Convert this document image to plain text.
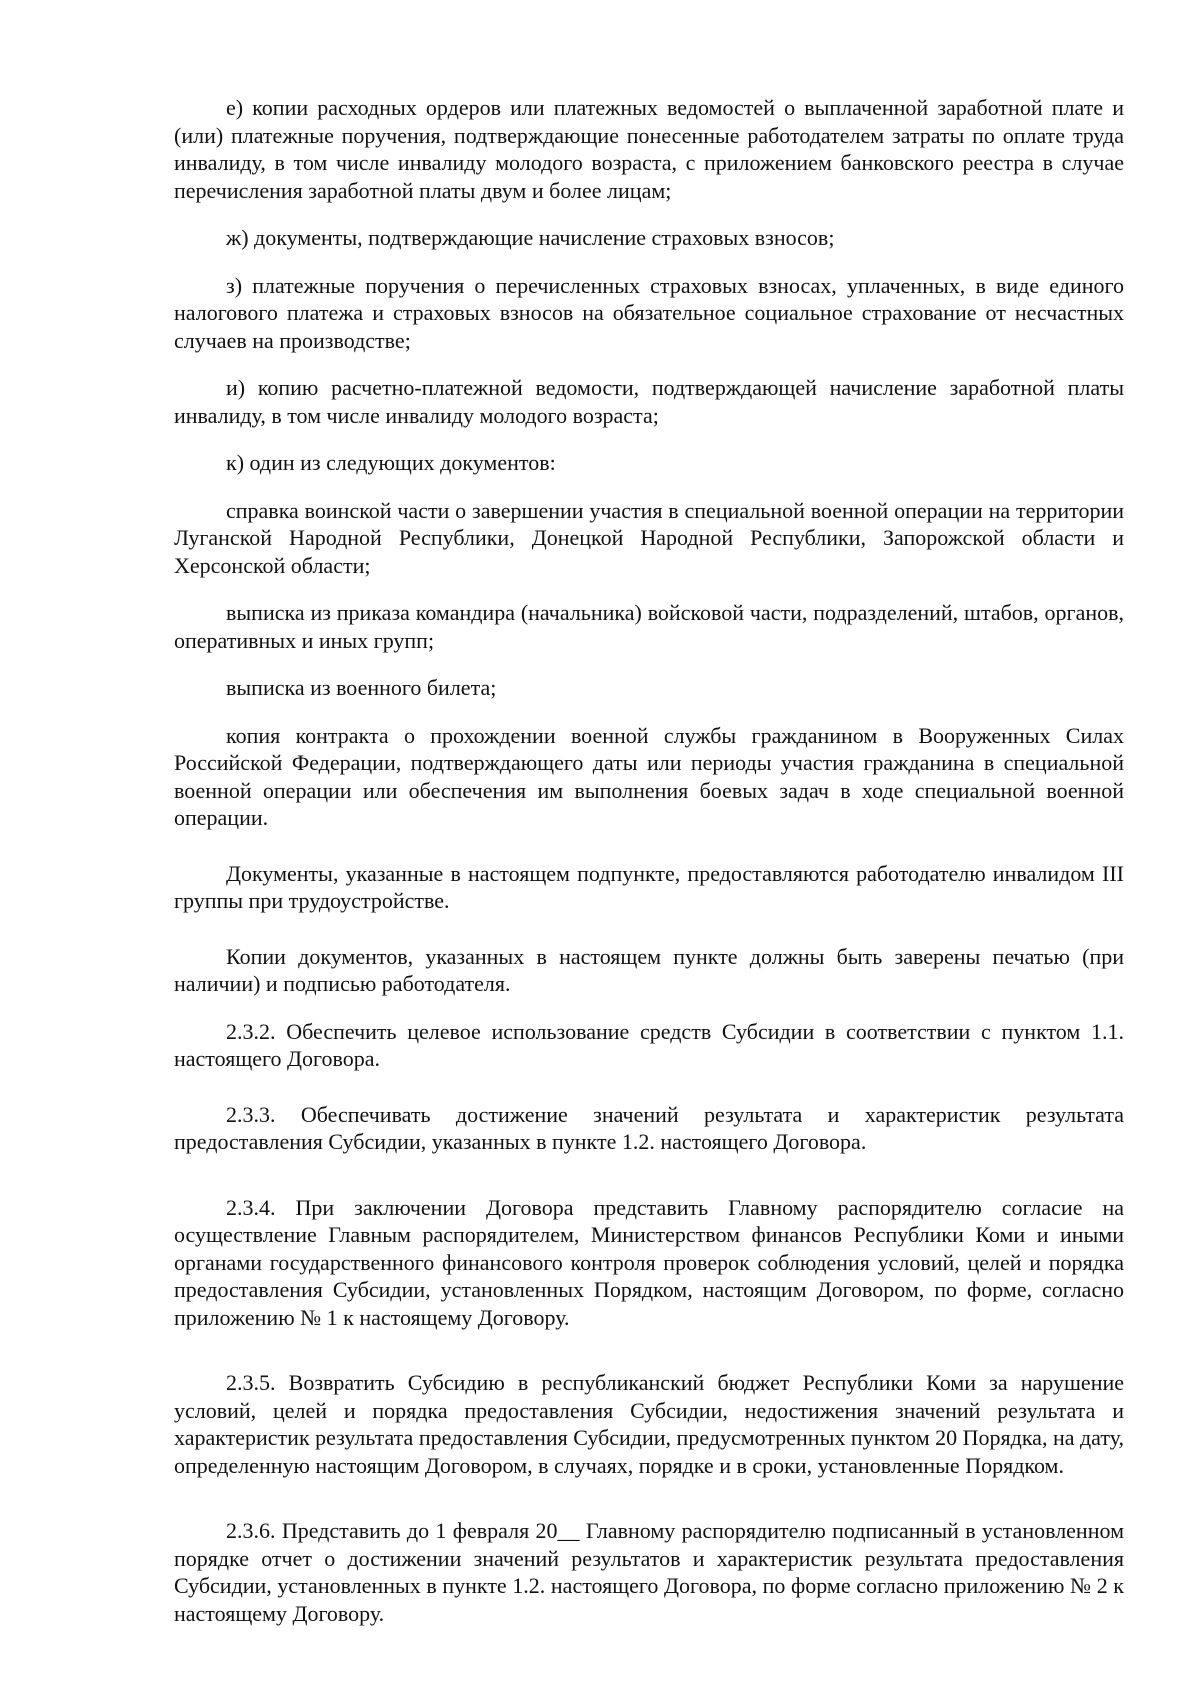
е) копии расходных ордеров или платежных ведомостей о выплаченной заработной плате и (или) платежные поручения, подтверждающие понесенные работодателем затраты по оплате труда инвалиду, в том числе инвалиду молодого возраста, с приложением банковского реестра в случае перечисления заработной платы двум и более лицам;

ж) документы, подтверждающие начисление страховых взносов;

з) платежные поручения о перечисленных страховых взносах, уплаченных, в виде единого налогового платежа и страховых взносов на обязательное социальное страхование от несчастных случаев на производстве;

и) копию расчетно-платежной ведомости, подтверждающей начисление заработной платы инвалиду, в том числе инвалиду молодого возраста;

к) один из следующих документов:

справка воинской части о завершении участия в специальной военной операции на территории Луганской Народной Республики, Донецкой Народной Республики, Запорожской области и Херсонской области;

выписка из приказа командира (начальника) войсковой части, подразделений, штабов, органов, оперативных и иных групп;

выписка из военного билета;

копия контракта о прохождении военной службы гражданином в Вооруженных Силах Российской Федерации, подтверждающего даты или периоды участия гражданина в специальной военной операции или обеспечения им выполнения боевых задач в ходе специальной военной операции.

Документы, указанные в настоящем подпункте, предоставляются работодателю инвалидом III группы при трудоустройстве.

Копии документов, указанных в настоящем пункте должны быть заверены печатью (при наличии) и подписью работодателя.

2.3.2. Обеспечить целевое использование средств Субсидии в соответствии с пунктом 1.1. настоящего Договора.

2.3.3. Обеспечивать достижение значений результата и характеристик результата предоставления Субсидии, указанных в пункте 1.2. настоящего Договора.

2.3.4. При заключении Договора представить Главному распорядителю согласие на осуществление Главным распорядителем, Министерством финансов Республики Коми и иными органами государственного финансового контроля проверок соблюдения условий, целей и порядка предоставления Субсидии, установленных Порядком, настоящим Договором, по форме, согласно приложению № 1 к настоящему Договору.

2.3.5. Возвратить Субсидию в республиканский бюджет Республики Коми за нарушение условий, целей и порядка предоставления Субсидии, недостижения значений результата и характеристик результата предоставления Субсидии, предусмотренных пунктом 20 Порядка, на дату, определенную настоящим Договором, в случаях, порядке и в сроки, установленные Порядком.

2.3.6. Представить до 1 февраля 20__ Главному распорядителю подписанный в установленном порядке отчет о достижении значений результатов и характеристик результата предоставления Субсидии, установленных в пункте 1.2. настоящего Договора, по форме согласно приложению № 2 к настоящему Договору.
